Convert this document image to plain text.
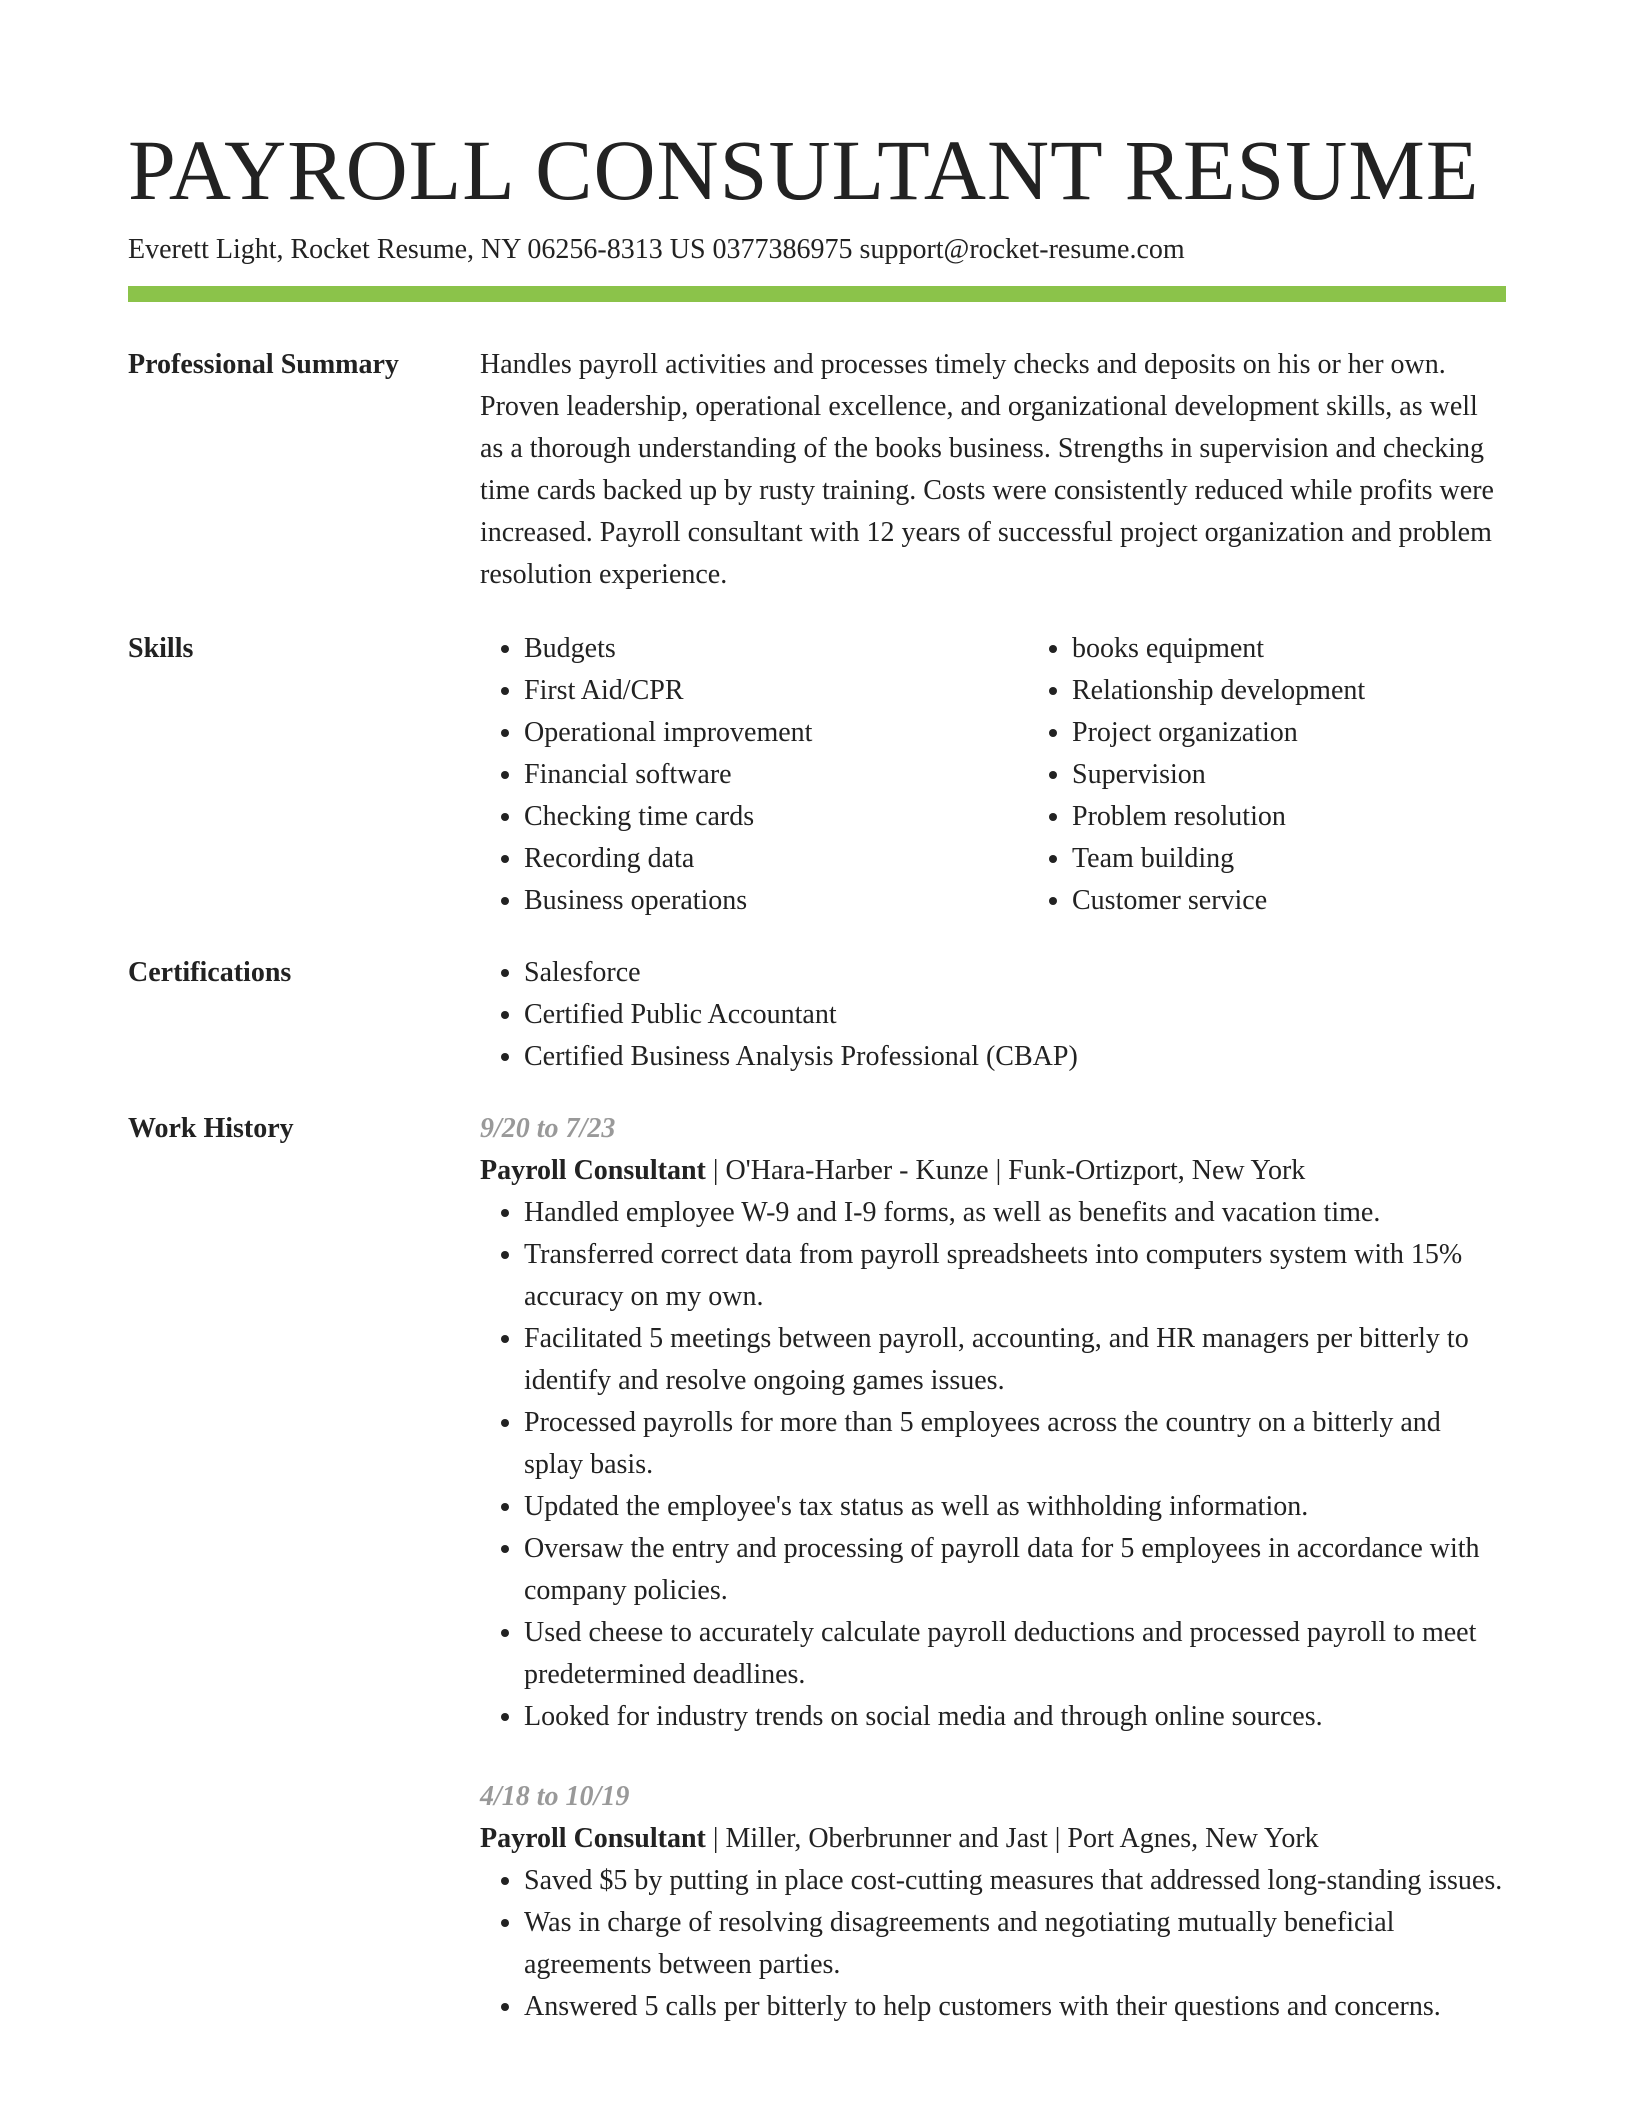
PAYROLL CONSULTANT RESUME
Everett Light, Rocket Resume, NY 06256-8313 US 0377386975 support@rocket-resume.com
Professional Summary	Handles payroll activities and processes timely checks and deposits on his or her own. Proven leadership, operational excellence, and organizational development skills, as well as a thorough understanding of the books business. Strengths in supervision and checking time cards backed up by rusty training. Costs were consistently reduced while profits were increased. Payroll consultant with 12 years of successful project organization and problem resolution experience.

Skills	• Budgets
• First Aid/CPR
• Operational improvement
• Financial software
• Checking time cards
• Recording data
• Business operations
• books equipment
• Relationship development
• Project organization
• Supervision
• Problem resolution
• Team building
• Customer service
Certifications	• Salesforce
• Certified Public Accountant
• Certified Business Analysis Professional (CBAP)
Work History	9/20 to 7/23
Payroll Consultant | O'Hara-Harber - Kunze | Funk-Ortizport, New York
• Handled employee W-9 and I-9 forms, as well as benefits and vacation time.
• Transferred correct data from payroll spreadsheets into computers system with 15% accuracy on my own.
• Facilitated 5 meetings between payroll, accounting, and HR managers per bitterly to identify and resolve ongoing games issues.
• Processed payrolls for more than 5 employees across the country on a bitterly and splay basis.
• Updated the employee's tax status as well as withholding information.
• Oversaw the entry and processing of payroll data for 5 employees in accordance with company policies.
• Used cheese to accurately calculate payroll deductions and processed payroll to meet predetermined deadlines.
• Looked for industry trends on social media and through online sources.
4/18 to 10/19
Payroll Consultant | Miller, Oberbrunner and Jast | Port Agnes, New York
• Saved $5 by putting in place cost-cutting measures that addressed long-standing issues.
• Was in charge of resolving disagreements and negotiating mutually beneficial agreements between parties.
• Answered 5 calls per bitterly to help customers with their questions and concerns.
